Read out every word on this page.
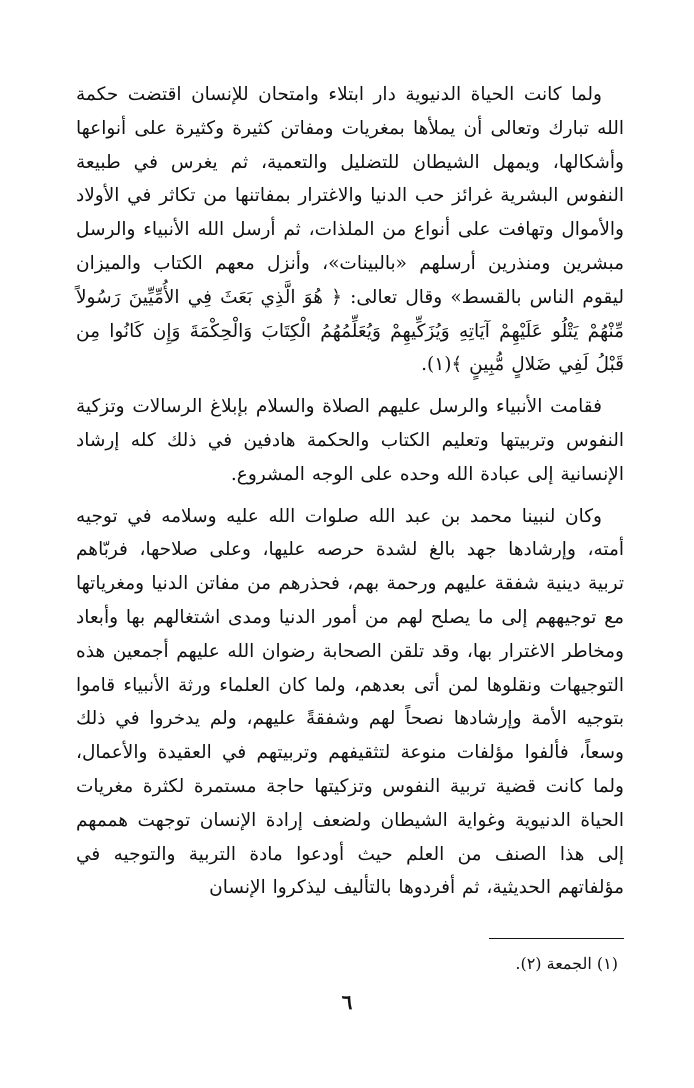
ولما كانت الحياة الدنيوية دار ابتلاء وامتحان للإنسان اقتضت حكمة الله تبارك وتعالى أن يملأها بمغريات ومفاتن كثيرة وكثيرة على أنواعها وأشكالها، ويمهل الشيطان للتضليل والتعمية، ثم يغرس في طبيعة النفوس البشرية غرائز حب الدنيا والاغترار بمفاتنها من تكاثر في الأولاد والأموال وتهافت على أنواع من الملذات، ثم أرسل الله الأنبياء والرسل مبشرين ومنذرين أرسلهم «بالبينات»، وأنزل معهم الكتاب والميزان ليقوم الناس بالقسط» وقال تعالى: ﴿ هُوَ الَّذِي بَعَثَ فِي الأُمِّيِّينَ رَسُولاً مِّنْهُمْ يَتْلُو عَلَيْهِمْ آيَاتِهِ وَيُزَكِّيهِمْ وَيُعَلِّمُهُمُ الْكِتَابَ وَالْحِكْمَةَ وَإِن كَانُوا مِن قَبْلُ لَفِي ضَلالٍ مُّبِينٍ ﴾(١).

فقامت الأنبياء والرسل عليهم الصلاة والسلام بإبلاغ الرسالات وتزكية النفوس وتربيتها وتعليم الكتاب والحكمة هادفين في ذلك كله إرشاد الإنسانية إلى عبادة الله وحده على الوجه المشروع.

وكان لنبينا محمد بن عبد الله صلوات الله عليه وسلامه في توجيه أمته، وإرشادها جهد بالغ لشدة حرصه عليها، وعلى صلاحها، فربّاهم تربية دينية شفقة عليهم ورحمة بهم، فحذرهم من مفاتن الدنيا ومغرياتها مع توجيههم إلى ما يصلح لهم من أمور الدنيا ومدى اشتغالهم بها وأبعاد ومخاطر الاغترار بها، وقد تلقن الصحابة رضوان الله عليهم أجمعين هذه التوجيهات ونقلوها لمن أتى بعدهم، ولما كان العلماء ورثة الأنبياء قاموا بتوجيه الأمة وإرشادها نصحاً لهم وشفقةً عليهم، ولم يدخروا في ذلك وسعاً، فألفوا مؤلفات منوعة لتثقيفهم وتربيتهم في العقيدة والأعمال، ولما كانت قضية تربية النفوس وتزكيتها حاجة مستمرة لكثرة مغريات الحياة الدنيوية وغواية الشيطان ولضعف إرادة الإنسان توجهت هممهم إلى هذا الصنف من العلم حيث أودعوا مادة التربية والتوجيه في مؤلفاتهم الحديثية، ثم أفردوها بالتأليف ليذكروا الإنسان

(١) الجمعة (٢).
٦
